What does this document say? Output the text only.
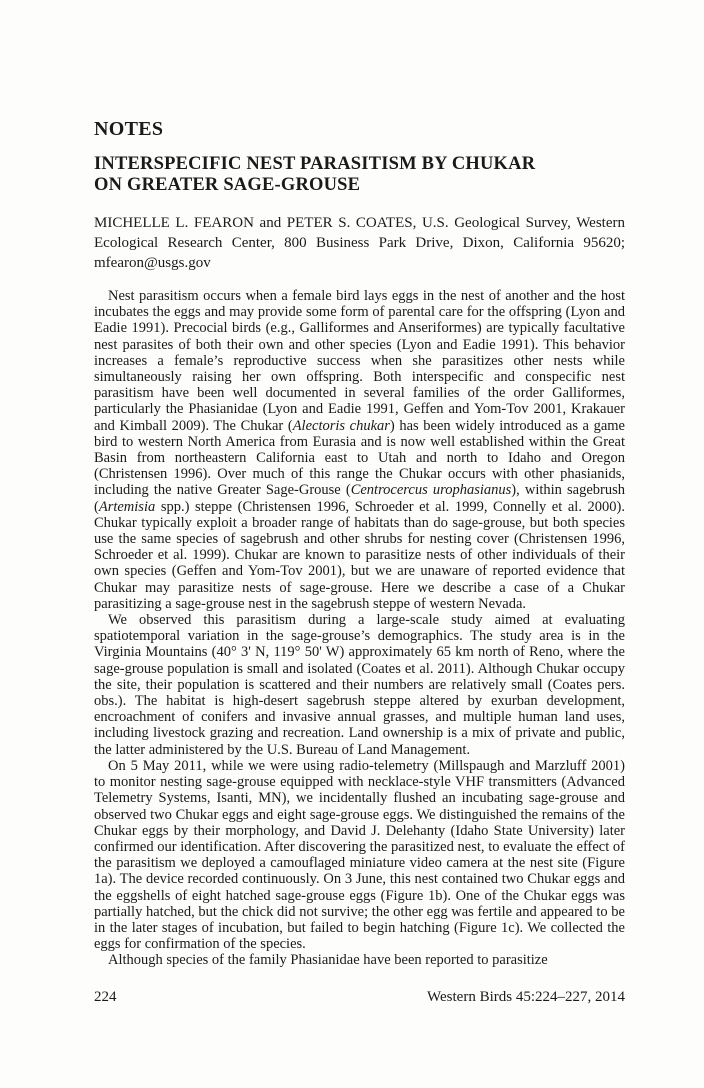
NOTES
INTERSPECIFIC NEST PARASITISM BY CHUKAR
ON GREATER SAGE-GROUSE

MICHELLE L. FEARON and PETER S. COATES, U.S. Geological Survey, Western Ecological Research Center, 800 Business Park Drive, Dixon, California 95620; mfearon@usgs.gov

Nest parasitism occurs when a female bird lays eggs in the nest of another and the host incubates the eggs and may provide some form of parental care for the offspring (Lyon and Eadie 1991). Precocial birds (e.g., Galliformes and Anseriformes) are typically facultative nest parasites of both their own and other species (Lyon and Eadie 1991). This behavior increases a female’s reproductive success when she parasitizes other nests while simultaneously raising her own offspring. Both interspecific and conspecific nest parasitism have been well documented in several families of the order Galliformes, particularly the Phasianidae (Lyon and Eadie 1991, Geffen and Yom-Tov 2001, Krakauer and Kimball 2009). The Chukar (Alectoris chukar) has been widely introduced as a game bird to western North America from Eurasia and is now well established within the Great Basin from northeastern California east to Utah and north to Idaho and Oregon (Christensen 1996). Over much of this range the Chukar occurs with other phasianids, including the native Greater Sage-Grouse (Centrocercus urophasianus), within sagebrush (Artemisia spp.) steppe (Christensen 1996, Schroeder et al. 1999, Connelly et al. 2000). Chukar typically exploit a broader range of habitats than do sage-grouse, but both species use the same species of sagebrush and other shrubs for nesting cover (Christensen 1996, Schroeder et al. 1999). Chukar are known to parasitize nests of other individuals of their own species (Geffen and Yom-Tov 2001), but we are unaware of reported evidence that Chukar may parasitize nests of sage-grouse. Here we describe a case of a Chukar parasitizing a sage-grouse nest in the sagebrush steppe of western Nevada.

We observed this parasitism during a large-scale study aimed at evaluating spatiotemporal variation in the sage-grouse’s demographics. The study area is in the Virginia Mountains (40° 3' N, 119° 50' W) approximately 65 km north of Reno, where the sage-grouse population is small and isolated (Coates et al. 2011). Although Chukar occupy the site, their population is scattered and their numbers are relatively small (Coates pers. obs.). The habitat is high-desert sagebrush steppe altered by exurban development, encroachment of conifers and invasive annual grasses, and multiple human land uses, including livestock grazing and recreation. Land ownership is a mix of private and public, the latter administered by the U.S. Bureau of Land Management.

On 5 May 2011, while we were using radio-telemetry (Millspaugh and Marzluff 2001) to monitor nesting sage-grouse equipped with necklace-style VHF transmitters (Advanced Telemetry Systems, Isanti, MN), we incidentally flushed an incubating sage-grouse and observed two Chukar eggs and eight sage-grouse eggs. We distinguished the remains of the Chukar eggs by their morphology, and David J. Delehanty (Idaho State University) later confirmed our identification. After discovering the parasitized nest, to evaluate the effect of the parasitism we deployed a camouflaged miniature video camera at the nest site (Figure 1a). The device recorded continuously. On 3 June, this nest contained two Chukar eggs and the eggshells of eight hatched sage-grouse eggs (Figure 1b). One of the Chukar eggs was partially hatched, but the chick did not survive; the other egg was fertile and appeared to be in the later stages of incubation, but failed to begin hatching (Figure 1c). We collected the eggs for confirmation of the species.

Although species of the family Phasianidae have been reported to parasitize

224	Western Birds 45:224–227, 2014
